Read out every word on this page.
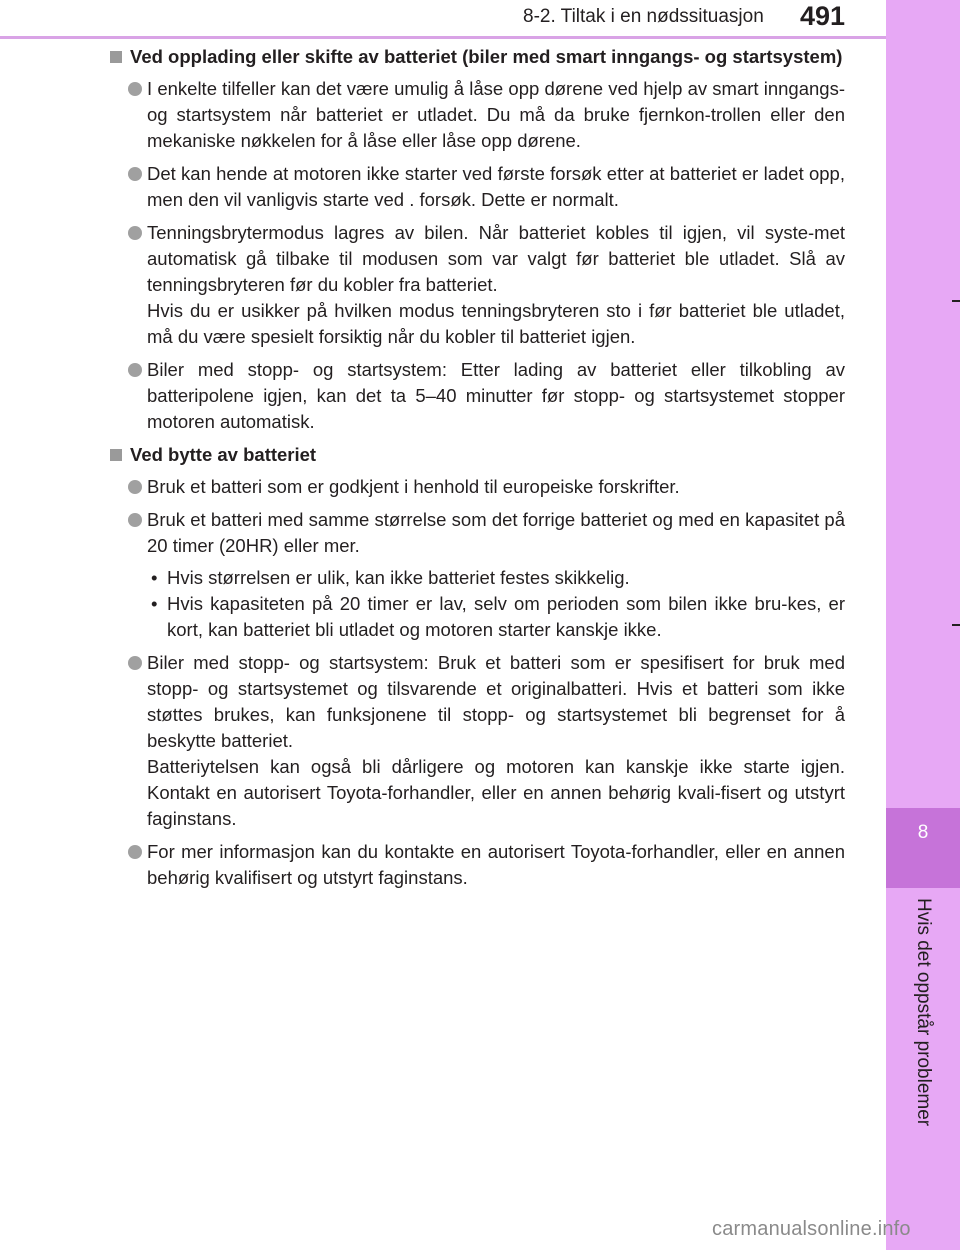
8-2. Tiltak i en nødssituasjon 491
8
Hvis det oppstår problemer
Ved opplading eller skifte av batteriet (biler med smart inngangs- og startsystem)
I enkelte tilfeller kan det være umulig å låse opp dørene ved hjelp av smart inngangs- og startsystem når batteriet er utladet. Du må da bruke fjernkon-trollen eller den mekaniske nøkkelen for å låse eller låse opp dørene.
Det kan hende at motoren ikke starter ved første forsøk etter at batteriet er ladet opp, men den vil vanligvis starte ved . forsøk. Dette er normalt.
Tenningsbrytermodus lagres av bilen. Når batteriet kobles til igjen, vil syste-met automatisk gå tilbake til modusen som var valgt før batteriet ble utladet. Slå av tenningsbryteren før du kobler fra batteriet.
Hvis du er usikker på hvilken modus tenningsbryteren sto i før batteriet ble utladet, må du være spesielt forsiktig når du kobler til batteriet igjen.
Biler med stopp- og startsystem: Etter lading av batteriet eller tilkobling av batteripolene igjen, kan det ta 5–40 minutter før stopp- og startsystemet stopper motoren automatisk.
Ved bytte av batteriet
Bruk et batteri som er godkjent i henhold til europeiske forskrifter.
Bruk et batteri med samme størrelse som det forrige batteriet og med en kapasitet på 20 timer (20HR) eller mer.
• Hvis størrelsen er ulik, kan ikke batteriet festes skikkelig.
• Hvis kapasiteten på 20 timer er lav, selv om perioden som bilen ikke bru-kes, er kort, kan batteriet bli utladet og motoren starter kanskje ikke.
Biler med stopp- og startsystem: Bruk et batteri som er spesifisert for bruk med stopp- og startsystemet og tilsvarende et originalbatteri. Hvis et batteri som ikke støttes brukes, kan funksjonene til stopp- og startsystemet bli begrenset for å beskytte batteriet.
Batteriytelsen kan også bli dårligere og motoren kan kanskje ikke starte igjen. Kontakt en autorisert Toyota-forhandler, eller en annen behørig kvali-fisert og utstyrt faginstans.
For mer informasjon kan du kontakte en autorisert Toyota-forhandler, eller en annen behørig kvalifisert og utstyrt faginstans.
carmanualsonline.info
